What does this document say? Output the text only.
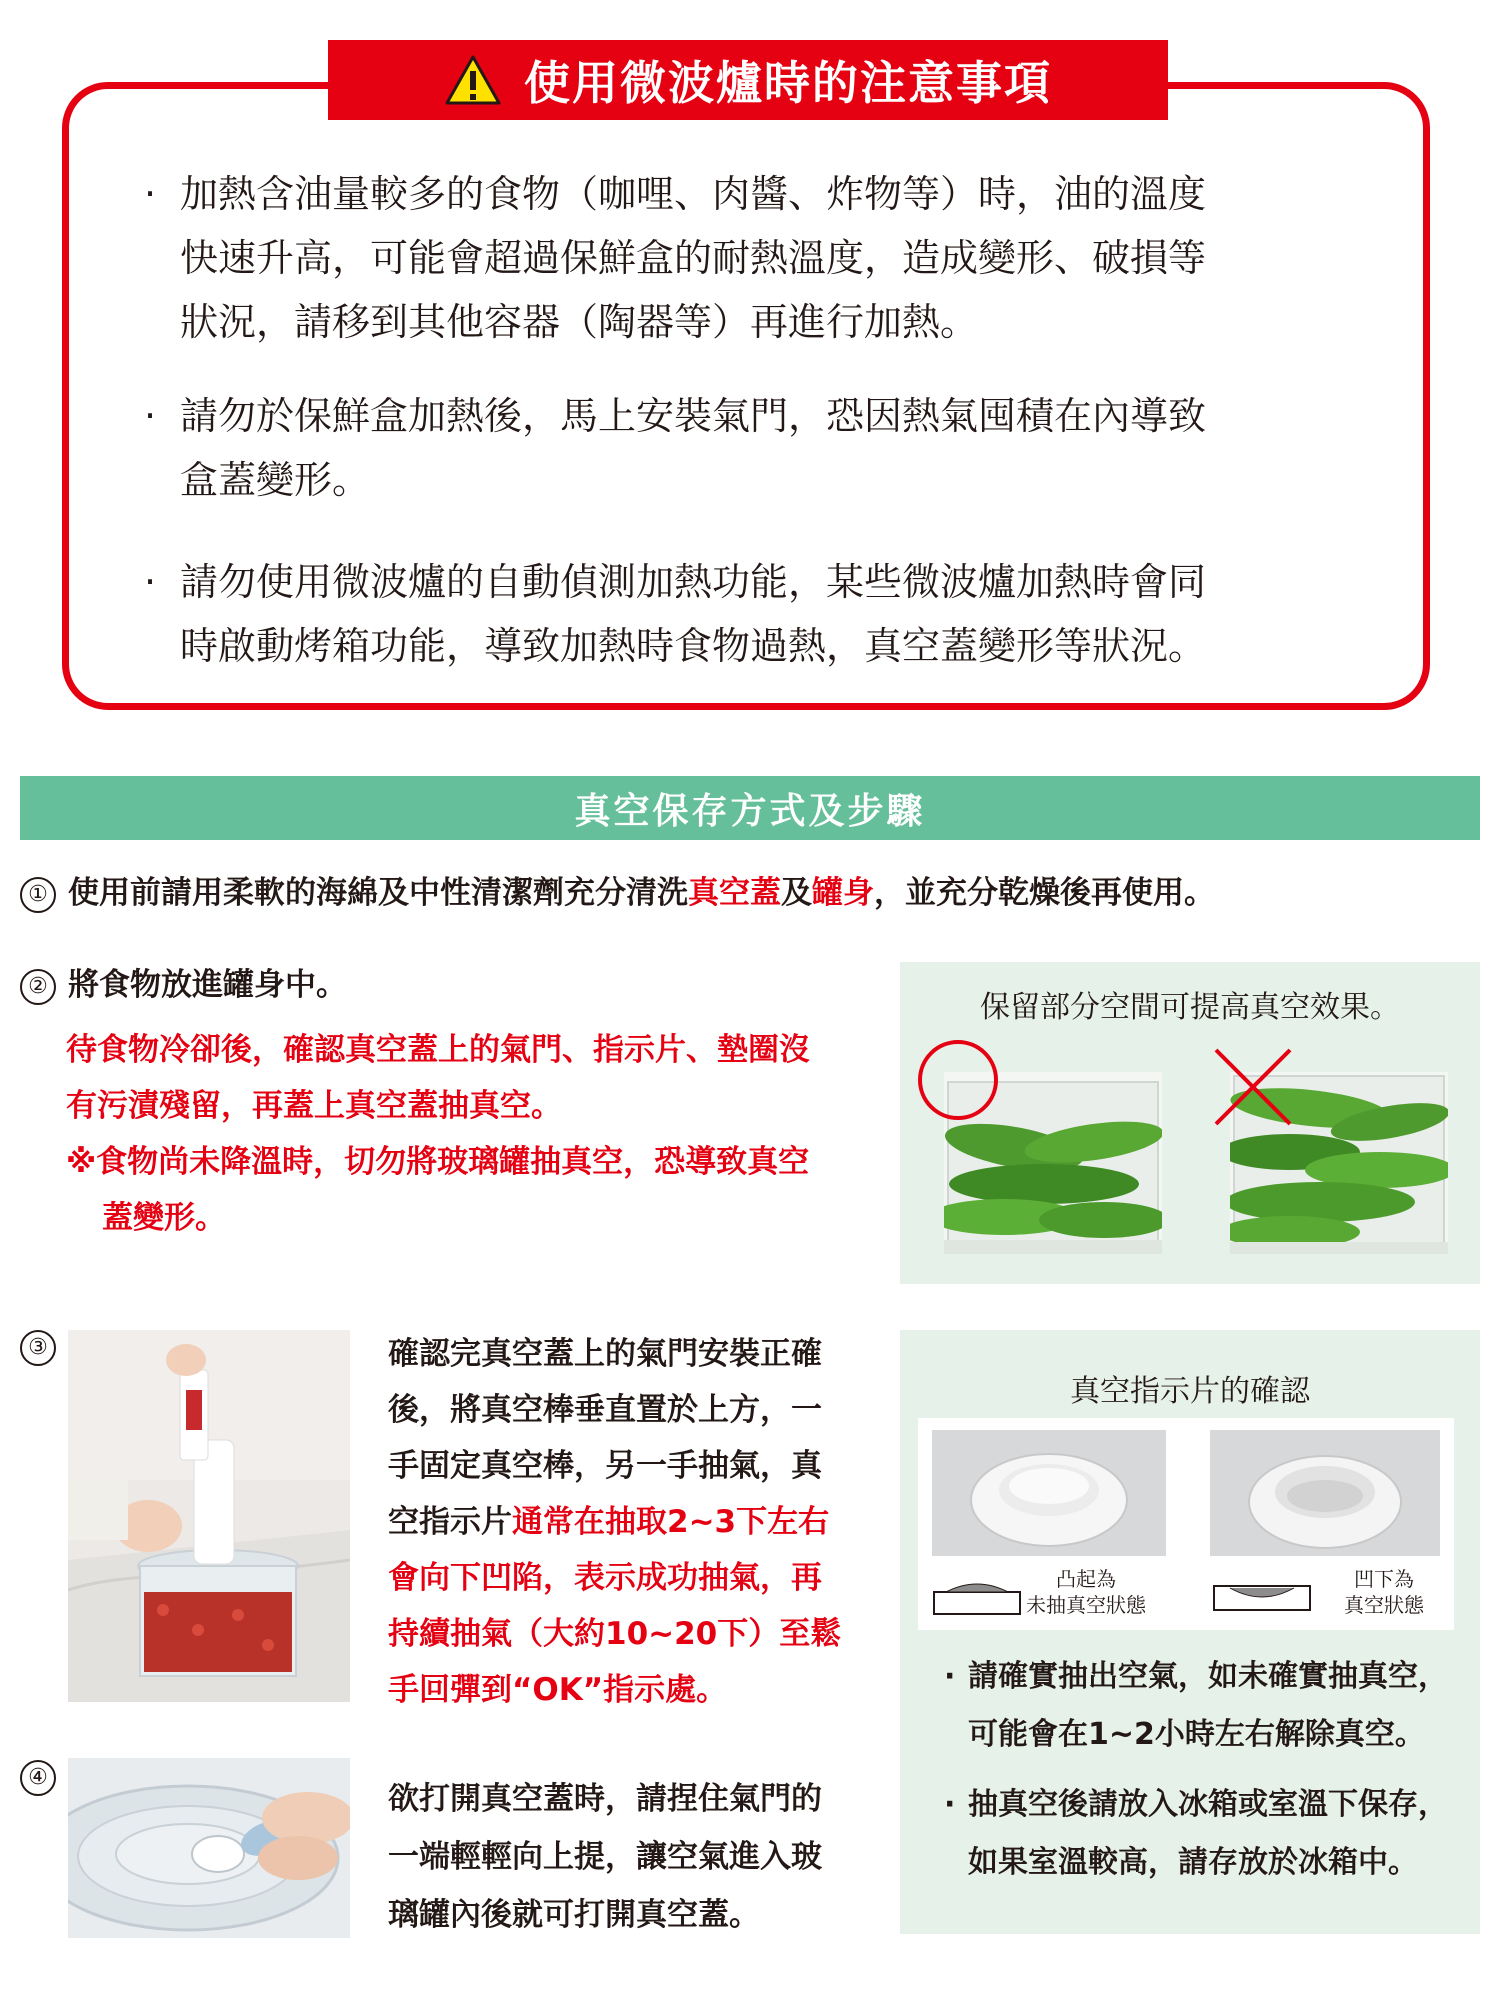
使用微波爐時的注意事項
· 加熱含油量較多的食物（咖哩、肉醬、炸物等）時，油的溫度

快速升高，可能會超過保鮮盒的耐熱溫度，造成變形、破損等

狀況，請移到其他容器（陶器等）再進行加熱。

· 請勿於保鮮盒加熱後，馬上安裝氣門，恐因熱氣囤積在內導致

盒蓋變形。

· 請勿使用微波爐的自動偵測加熱功能，某些微波爐加熱時會同

時啟動烤箱功能，導致加熱時食物過熱，真空蓋變形等狀況。

真空保存方式及步驟
① 使用前請用柔軟的海綿及中性清潔劑充分清洗真空蓋及罐身，並充分乾燥後再使用。
② 將食物放進罐身中。
待食物冷卻後，確認真空蓋上的氣門、指示片、墊圈沒
有污漬殘留，再蓋上真空蓋抽真空。
※食物尚未降溫時，切勿將玻璃罐抽真空，恐導致真空
蓋變形。
保留部分空間可提高真空效果。
③	確認完真空蓋上的氣門安裝正確
後，將真空棒垂直置於上方，一
手固定真空棒，另一手抽氣，真
空指示片通常在抽取2~3下左右
會向下凹陷，表示成功抽氣，再
持續抽氣（大約10~20下）至鬆
手回彈到“OK”指示處。
真空指示片的確認
凸起為
未抽真空狀態
凹下為
真空狀態
· 請確實抽出空氣，如未確實抽真空，
可能會在1~2小時左右解除真空。
· 抽真空後請放入冰箱或室溫下保存，
如果室溫較高，請存放於冰箱中。
④
欲打開真空蓋時，請捏住氣門的
一端輕輕向上提，讓空氣進入玻
璃罐內後就可打開真空蓋。
